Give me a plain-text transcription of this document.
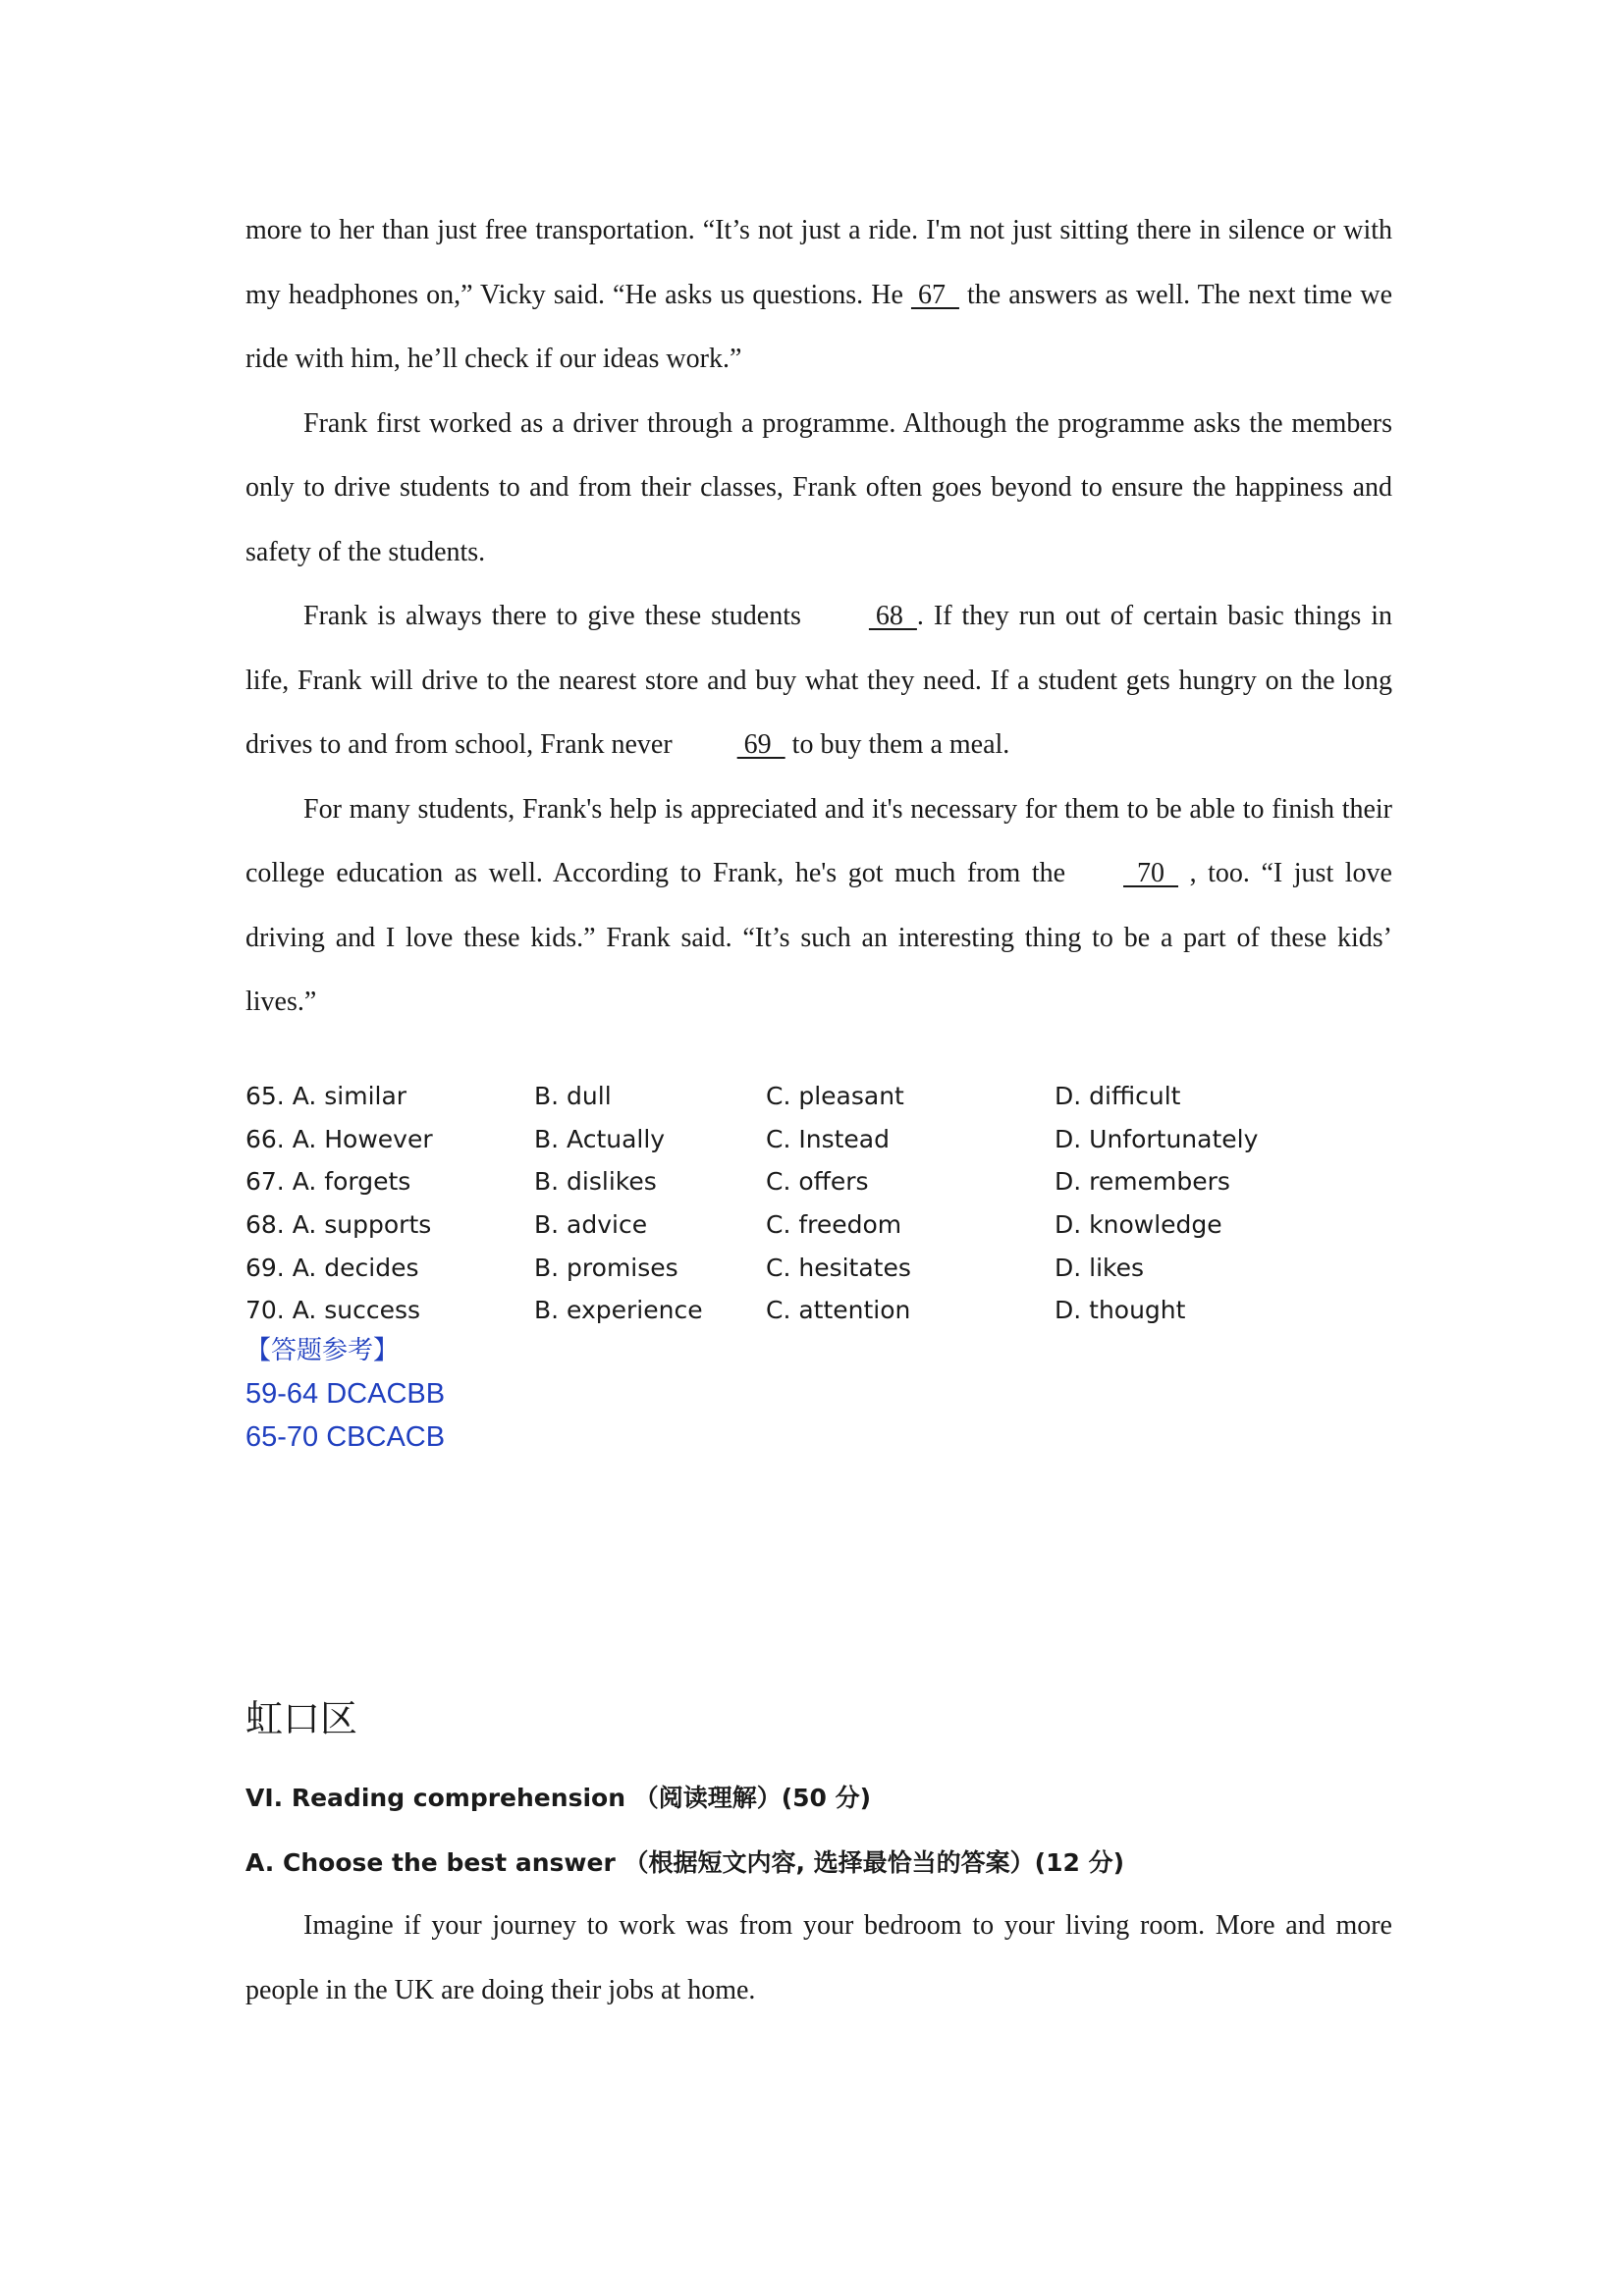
more to her than just free transportation. “It’s not just a ride. I'm not just sitting there in silence or with my headphones on,” Vicky said. “He asks us questions. He  67   the answers as well. The next time we ride with him, he’ll check if our ideas work.”

Frank first worked as a driver through a programme. Although the programme asks the members only to drive students to and from their classes, Frank often goes beyond to ensure the happiness and safety of the students.

Frank is always there to give these students  68  . If they run out of certain basic things in life, Frank will drive to the nearest store and buy what they need. If a student gets hungry on the long drives to and from school, Frank never  69   to buy them a meal.

For many students, Frank's help is appreciated and it's necessary for them to be able to finish their college education as well. According to Frank, he's got much from the  70   , too. “I just love driving and I love these kids.” Frank said. “It’s such an interesting thing to be a part of these kids’ lives.”

65. A. similar	B. dull	C. pleasant	D. difficult
66. A. However	B. Actually	C. Instead	D. Unfortunately
67. A. forgets	B. dislikes	C. offers	D. remembers
68. A. supports	B. advice	C. freedom	D. knowledge
69. A. decides	B. promises	C. hesitates	D. likes
70. A. success	B. experience	C. attention	D. thought
【答题参考】
59-64 DCACBB
65-70 CBCACB
虹口区
VI. Reading comprehension （阅读理解）(50 分)
A. Choose the best answer （根据短文内容, 选择最恰当的答案）(12 分)

Imagine if your journey to work was from your bedroom to your living room. More and more people in the UK are doing their jobs at home.
